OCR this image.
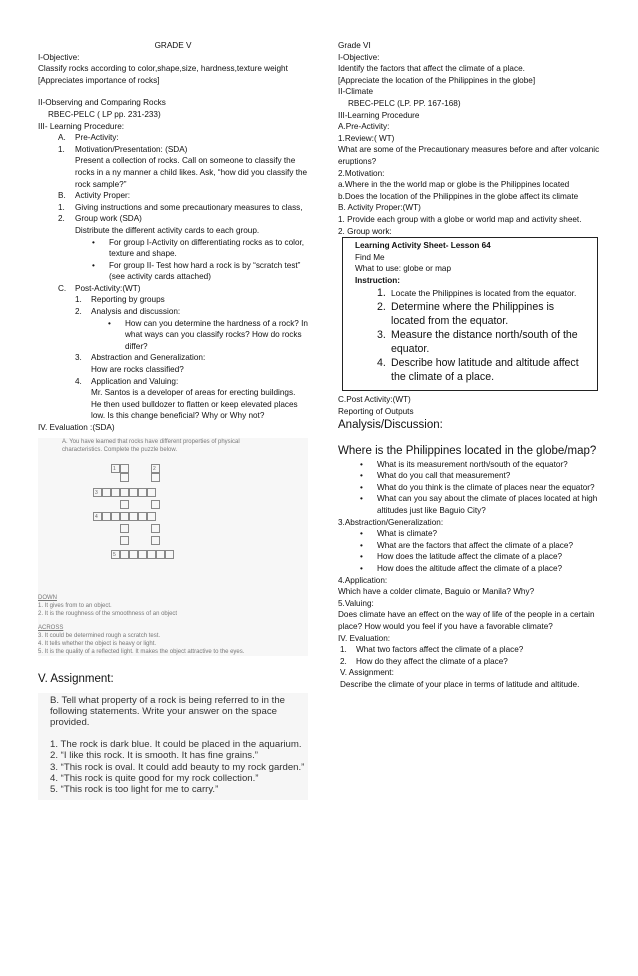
GRADE V
I-Objective:
Classify rocks according to color,shape,size, hardness,texture weight
[Appreciates importance of rocks]
II-Observing and Comparing Rocks
RBEC-PELC ( LP pp. 231-233)
III- Learning Procedure:
A.	Pre-Activity:
1.	Motivation/Presentation: (SDA)
Present a collection of rocks. Call on someone to classify the rocks in a ny manner a child likes. Ask, “how did you classify the rock sample?”
B.	Activity Proper:
1.	Giving instructions and some precautionary measures to class,
2.	Group work (SDA)
Distribute the different activity cards to each group.
•	For group I-Activity on differentiating rocks as to color, texture and shape.
•	For group II- Test how hard a rock is by “scratch test” (see activity cards attached)
C.	Post-Activity:(WT)
1.	Reporting by groups
2.	Analysis and discussion:
•	How can you determine the hardness of a rock? In what ways can you classify rocks? How do rocks differ?
3.	Abstraction and Generalization:
How are rocks classified?
4.	Application and Valuing:
Mr. Santos is a developer of areas for erecting buildings. He then used bulldozer to flatten or keep elevated places low. Is this change beneficial? Why or Why not?
IV. Evaluation :(SDA)
A. You have learned that rocks have different properties of physical characteristics. Complete the puzzle below.
1	2
3
4
5
DOWN
1. It gives from to an object.
2. It is the roughness of the smoothness of an object
ACROSS
3. It could be determined rough a scratch test.
4. It tells whether the object is heavy or light.
5. It is the quality of a reflected light. It makes the object attractive to the eyes.
V. Assignment:
B. Tell what property of a rock is being referred to in the following statements. Write your answer on the space provided.
1. The rock is dark blue. It could be placed in the aquarium.
2. “I like this rock. It is smooth. It has fine grains.”
3. “This rock is oval. It could add beauty to my rock garden.”
4. “This rock is quite good for my rock collection.”
5. “This rock is too light for me to carry.”
Grade VI
I-Objective:
Identify the factors that affect the climate of a place.
[Appreciate the location of the Philippines in the globe]
II-Climate
RBEC-PELC (LP. PP. 167-168)
III-Learning Procedure
A.Pre-Activity:
1.Review:( WT)
What are some of the Precautionary measures before and after volcanic eruptions?
2.Motivation:
a.Where in the the world map or globe is the Philippines located
b.Does the location of the Philippines in the globe affect its climate
B. Activity Proper:(WT)
1. Provide each group with a globe or world map and activity sheet.
2. Group work:
Learning Activity Sheet- Lesson 64
Find Me
What to use: globe or map
Instruction:
1. Locate the Philippines is located from the equator.
2. Determine where the Philippines is located from the equator.
3. Measure the distance north/south of the equator.
4. Describe how latitude and altitude affect the climate of a place.
C.Post Activity:(WT)
Reporting of Outputs
Analysis/Discussion:
Where is the Philippines located in the globe/map?
•	What is its measurement north/south of the equator?
•	What do you call that measurement?
•	What do you think is the climate of places near the equator?
•	What can you say about the climate of places located at high altitudes just like Baguio City?
3.Abstraction/Generalization:
•	What is climate?
•	What are the factors that affect the climate of a place?
•	How does the latitude affect the climate of a place?
•	How does the altitude affect the climate of a place?
4.Application:
Which have a colder climate, Baguio or Manila? Why?
5.Valuing:
Does climate have an effect on the way of life of the people in a certain place? How would you feel if you have a favorable climate?
IV. Evaluation:
1.	What two factors affect the climate of a place?
2.	How do they affect the climate of a place?
V. Assignment:
Describe the climate of your place in terms of latitude and altitude.
